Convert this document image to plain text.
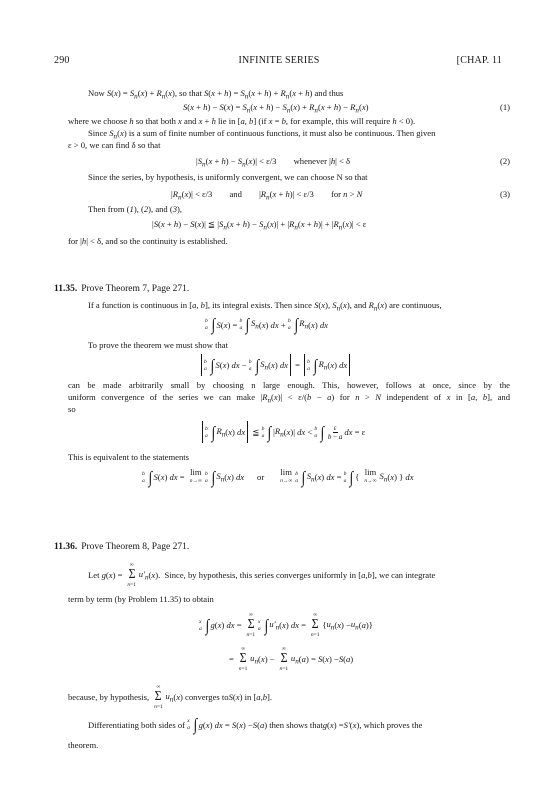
290	INFINITE SERIES	[CHAP. 11
Now $S(x) = S_n(x) + R_n(x)$, so that $S(x + h) = S_n(x + h) + R_n(x + h)$ and thus
$S(x + h) - S(x) = S_n(x + h) - S_n(x) + R_n(x + h) - R_n(x)$	(1)
where we choose h so that both x and x + h lie in [a, b] (if x = b, for example, this will require h < 0).
Since $S_n(x)$ is a sum of finite number of continuous functions, it must also be continuous. Then given
ε > 0, we can find δ so that
$|S_n(x + h) - S_n(x)| < \varepsilon/3$        whenever |h| < δ	(2)
Since the series, by hypothesis, is uniformly convergent, we can choose N so that
$|R_n(x)| < \varepsilon/3$        and        $|R_n(x + h)| < \varepsilon/3$        for n > N	(3)
Then from (1), (2), and (3),
|S(x + h) − S(x)| ≦ $|S_n(x + h) - S_n(x)| + |R_n(x + h)| + |R_n(x)| < \varepsilon$
for |h| < δ, and so the continuity is established.
11.35. Prove Theorem 7, Page 271.
If a function is continuous in [a, b], its integral exists. Then since S(x), $S_n(x)$, and $R_n(x)$ are continuous,
b
a ∫ S ( x ) = b
a ∫ $S_n$ ( x ) dx + b
a ∫ $R_n$ ( x ) dx
To prove the theorem we must show that
b
a ∫ S ( x ) dx − b
a ∫ $S_n$ ( x ) dx = b
a ∫ $R_n$ ( x ) dx
can be made arbitrarily small by choosing n large enough. This, however, follows at once, since by the
uniform convergence of the series we can make $|R_n(x)| < \varepsilon/(b - a)$ for n > N independent of x in [a, b], and
so
b
a ∫ $R_n$ ( x ) dx ≦ b
a ∫ | $R_n$ ( x )| dx < b
a ∫ $\frac{\varepsilon}{b - a}$ dx = ε
This is equivalent to the statements
b
a ∫ S ( x ) dx = lim
n→∞
b
a ∫ $S_n$ ( x ) dx or lim
n→∞
b
a ∫ $S_n$ ( x ) dx = b
a ∫ { lim
n→∞
$S_n$ ( x ) } dx
11.36. Prove Theorem 8, Page 271.
Let g ( x ) =
∞
Σ
n=1
$u'_n$ ( x ).  Since, by hypothesis, this series converges uniformly in [ a , b ], we can integrate
term by term (by Problem 11.35) to obtain
x
a ∫ g ( x ) dx =
∞
Σ
n=1
x
a ∫ $u'_n$ ( x ) dx =
∞
Σ
n=1
{ $u_n$ ( x ) − $u_n$ ( a )}
=
∞
Σ
n=1
$u_n$ ( x ) −
∞
Σ
n=1
$u_n$ ( a ) = S ( x ) − S ( a )
because, by hypothesis,
∞
Σ
n=1
$u_n$ ( x ) converges to S ( x ) in [ a , b ].
Differentiating both sides of x
a ∫ g ( x ) dx = S ( x ) − S ( a ) then shows that g ( x ) = S′ ( x ), which proves the
theorem.
